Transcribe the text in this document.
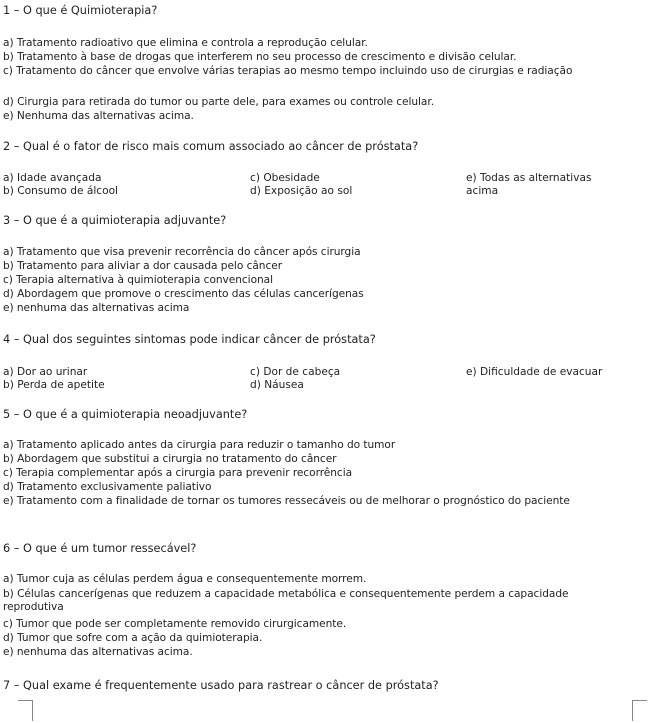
1 – O que é Quimioterapia?

a) Tratamento radioativo que elimina e controla a reprodução celular.

b) Tratamento à base de drogas que interferem no seu processo de crescimento e divisão celular.

c) Tratamento do câncer que envolve várias terapias ao mesmo tempo incluindo uso de cirurgias e radiação

d) Cirurgia para retirada do tumor ou parte dele, para exames ou controle celular.

e) Nenhuma das alternativas acima.

2 – Qual é o fator de risco mais comum associado ao câncer de próstata?

a) Idade avançada

b) Consumo de álcool

c) Obesidade

d) Exposição ao sol

e) Todas as alternativas

acima

3 – O que é a quimioterapia adjuvante?

a) Tratamento que visa prevenir recorrência do câncer após cirurgia

b) Tratamento para aliviar a dor causada pelo câncer

c) Terapia alternativa à quimioterapia convencional

d) Abordagem que promove o crescimento das células cancerígenas

e) nenhuma das alternativas acima

4 – Qual dos seguintes sintomas pode indicar câncer de próstata?

a) Dor ao urinar

b) Perda de apetite

c) Dor de cabeça

d) Náusea

e) Dificuldade de evacuar

5 – O que é a quimioterapia neoadjuvante?

a) Tratamento aplicado antes da cirurgia para reduzir o tamanho do tumor

b) Abordagem que substitui a cirurgia no tratamento do câncer

c) Terapia complementar após a cirurgia para prevenir recorrência

d) Tratamento exclusivamente paliativo

e) Tratamento com a finalidade de tornar os tumores ressecáveis ou de melhorar o prognóstico do paciente

6 – O que é um tumor ressecável?

a) Tumor cuja as células perdem água e consequentemente morrem.

b) Células cancerígenas que reduzem a capacidade metabólica e consequentemente perdem a capacidade reprodutiva

c) Tumor que pode ser completamente removido cirurgicamente.

d) Tumor que sofre com a ação da quimioterapia.

e) nenhuma das alternativas acima.

7 – Qual exame é frequentemente usado para rastrear o câncer de próstata?
